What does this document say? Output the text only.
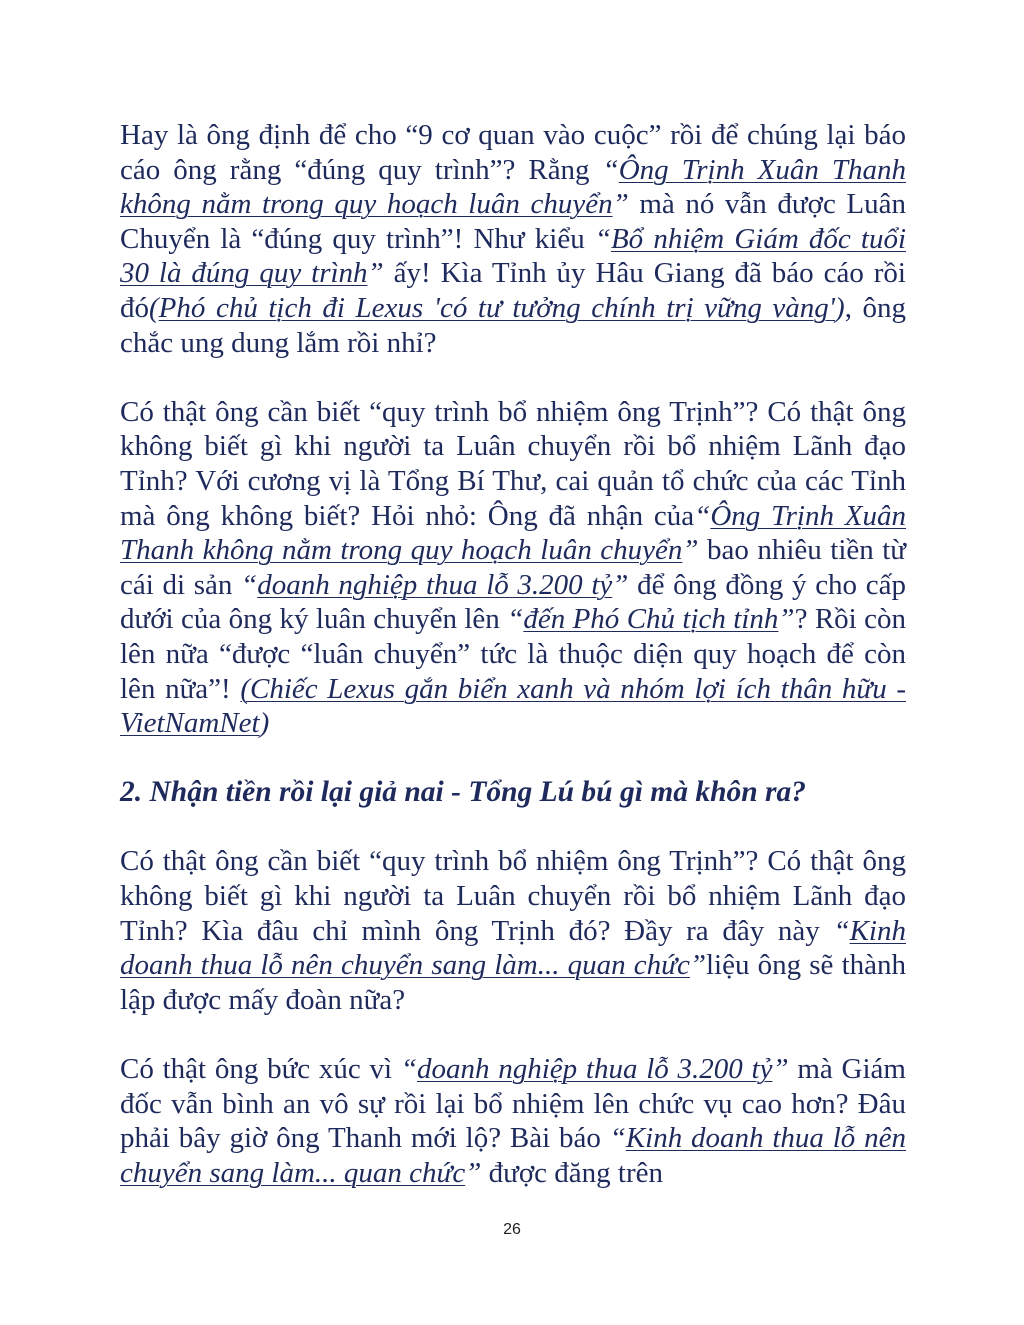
Hay là ông định để cho “9 cơ quan vào cuộc” rồi để chúng lại báo cáo ông rằng “đúng quy trình”? Rằng “Ông Trịnh Xuân Thanh không nằm trong quy hoạch luân chuyển” mà nó vẫn được Luân Chuyển là “đúng quy trình”! Như kiểu “Bổ nhiệm Giám đốc tuổi 30 là đúng quy trình” ấy! Kìa Tỉnh ủy Hâu Giang đã báo cáo rồi đó(Phó chủ tịch đi Lexus 'có tư tưởng chính trị vững vàng'), ông chắc ung dung lắm rồi nhỉ?

Có thật ông cần biết “quy trình bổ nhiệm ông Trịnh”? Có thật ông không biết gì khi người ta Luân chuyển rồi bổ nhiệm Lãnh đạo Tỉnh? Với cương vị là Tổng Bí Thư, cai quản tổ chức của các Tỉnh mà ông không biết? Hỏi nhỏ: Ông đã nhận của“Ông Trịnh Xuân Thanh không nằm trong quy hoạch luân chuyển” bao nhiêu tiền từ cái di sản “doanh nghiệp thua lỗ 3.200 tỷ” để ông đồng ý cho cấp dưới của ông ký luân chuyển lên “đến Phó Chủ tịch tỉnh”? Rồi còn lên nữa “được “luân chuyển” tức là thuộc diện quy hoạch để còn lên nữa”! (Chiếc Lexus gắn biển xanh và nhóm lợi ích thân hữu - VietNamNet)

2. Nhận tiền rồi lại giả nai - Tổng Lú bú gì mà khôn ra?

Có thật ông cần biết “quy trình bổ nhiệm ông Trịnh”? Có thật ông không biết gì khi người ta Luân chuyển rồi bổ nhiệm Lãnh đạo Tỉnh? Kìa đâu chỉ mình ông Trịnh đó? Đầy ra đây này “Kinh doanh thua lỗ nên chuyển sang làm... quan chức”liệu ông sẽ thành lập được mấy đoàn nữa?

Có thật ông bức xúc vì “doanh nghiệp thua lỗ 3.200 tỷ” mà Giám đốc vẫn bình an vô sự rồi lại bổ nhiệm lên chức vụ cao hơn? Đâu phải bây giờ ông Thanh mới lộ? Bài báo “Kinh doanh thua lỗ nên chuyển sang làm... quan chức” được đăng trên

26
